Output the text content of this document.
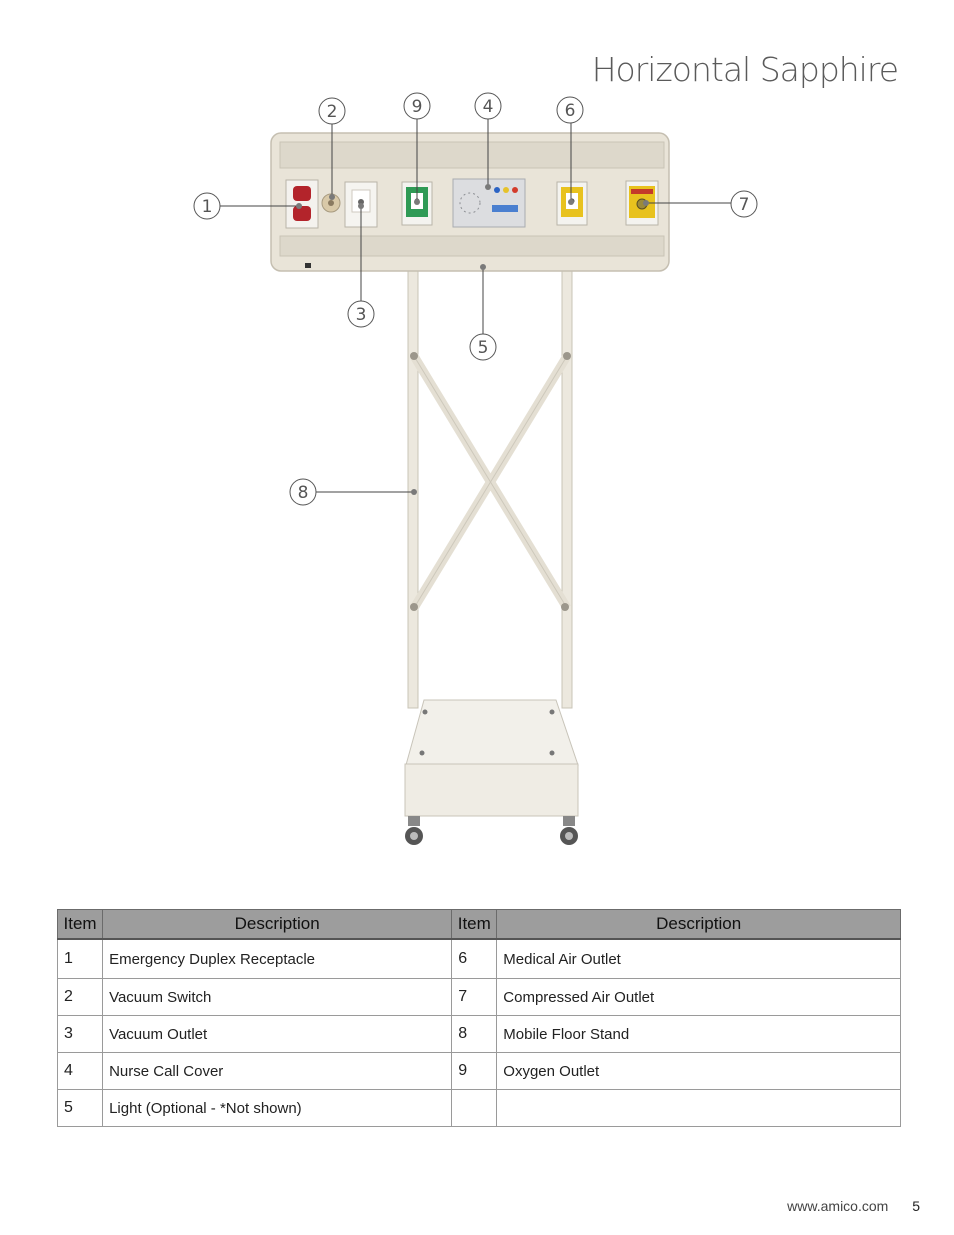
Horizontal Sapphire
1
2
3
4
5
6
7
8
9
Item	Description	Item	Description
1	Emergency Duplex Receptacle	6	Medical Air Outlet
2	Vacuum Switch	7	Compressed Air Outlet
3	Vacuum Outlet	8	Mobile Floor Stand
4	Nurse Call Cover	9	Oxygen Outlet
5	Light (Optional - *Not shown)		
www.amico.com 5
